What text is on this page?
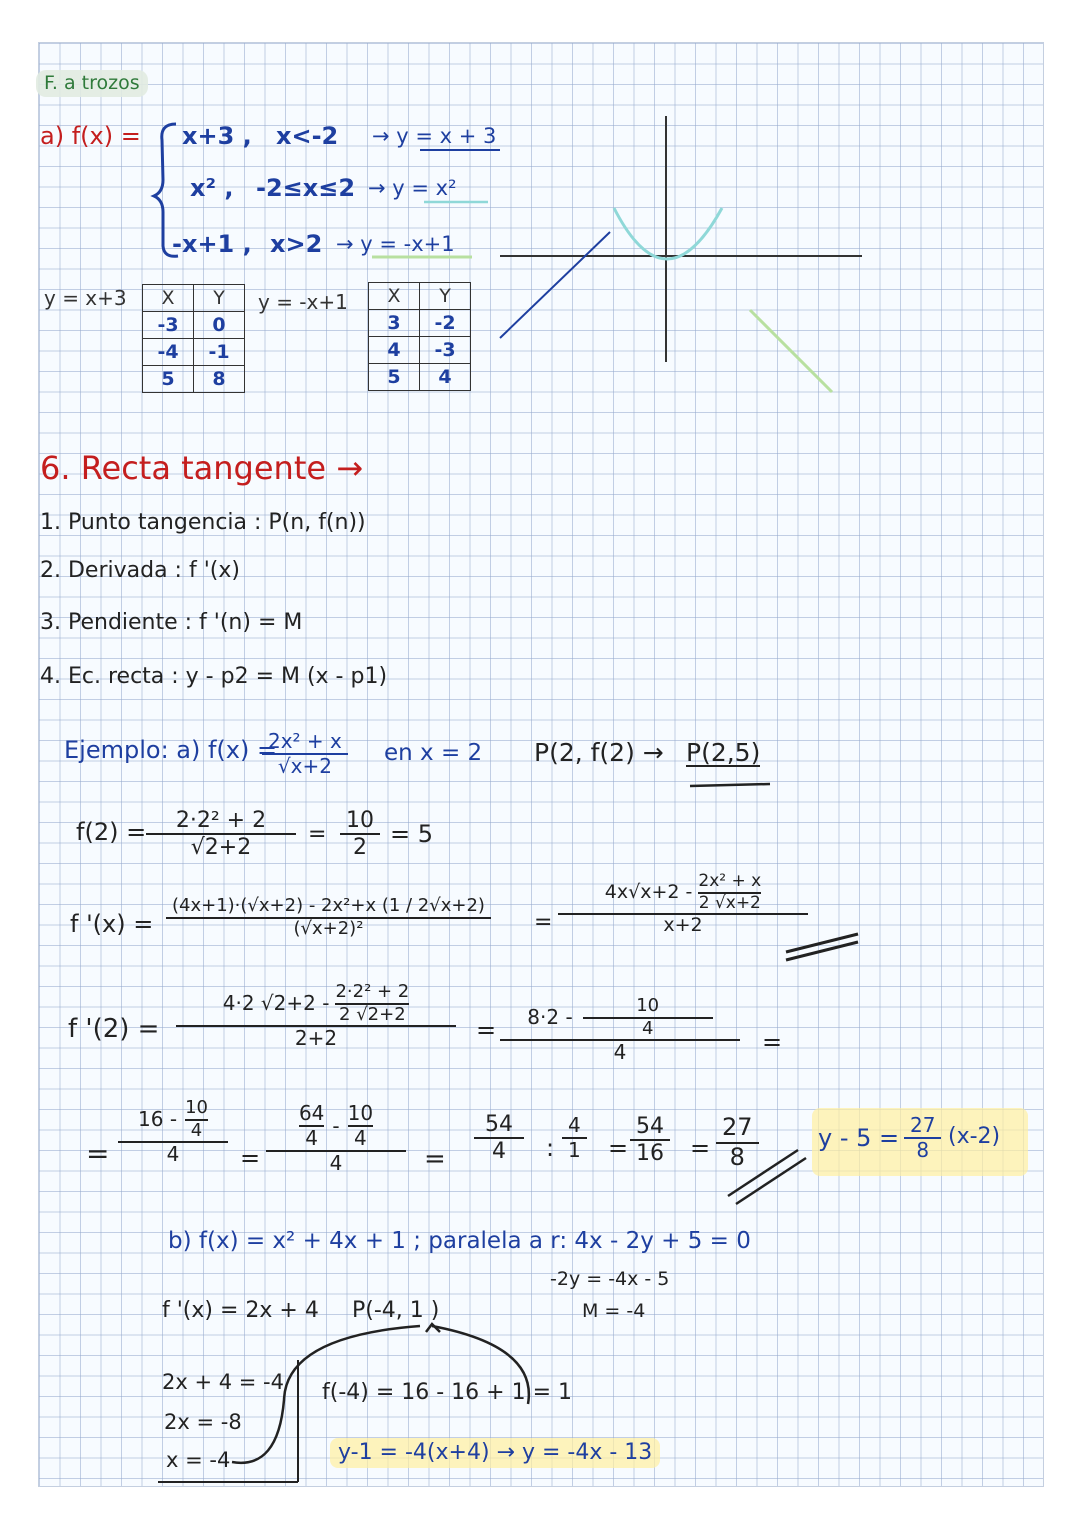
F. a trozos
a) f(x) = x+3 , x<-2 → y = x + 3
x² , -2≤x≤2 → y = x²
-x+1 , x>2 → y = -x+1
y = x+3 X	Y
-3	0
-4	-1
5	8
y = -x+1 X	Y
3	-2
4	-3
5	4
6. Recta tangente →
1. Punto tangencia : P(n, f(n))
2. Derivada : f '(x)
3. Pendiente : f '(n) = M
4. Ec. recta : y - p2 = M (x - p1)
Ejemplo: a) f(x) =
2x² + x
√x+2 en x = 2 P(2, f(2) → P(2,5)
f(2) = 2·2² + 2
√2+2
=
10
2 = 5
f '(x) =
(4x+1)·(√x+2) - 2x²+x (1 / 2√x+2)
(√x+2)²	=
4x√x+2 - 2x² + x
2 √x+2
x+2
f '(2) =
4·2 √2+2 - 2·2² + 2
2 √2+2
2+2	= 8·2 -	10
4
4	=
=
16 - 10
4
4	=
64
4
-
10
4
4	=
54
4 :
4
1 =
54
16 =
27
8
y - 5 = 27
8
(x-2)
b) f(x) = x² + 4x + 1 ; paralela a r: 4x - 2y + 5 = 0
-2y = -4x - 5
M = -4
f '(x) = 2x + 4 P(-4, 1 )
2x + 4 = -4
2x = -8
x = -4
f(-4) = 16 - 16 + 1 = 1
y-1 = -4(x+4) → y = -4x - 13
